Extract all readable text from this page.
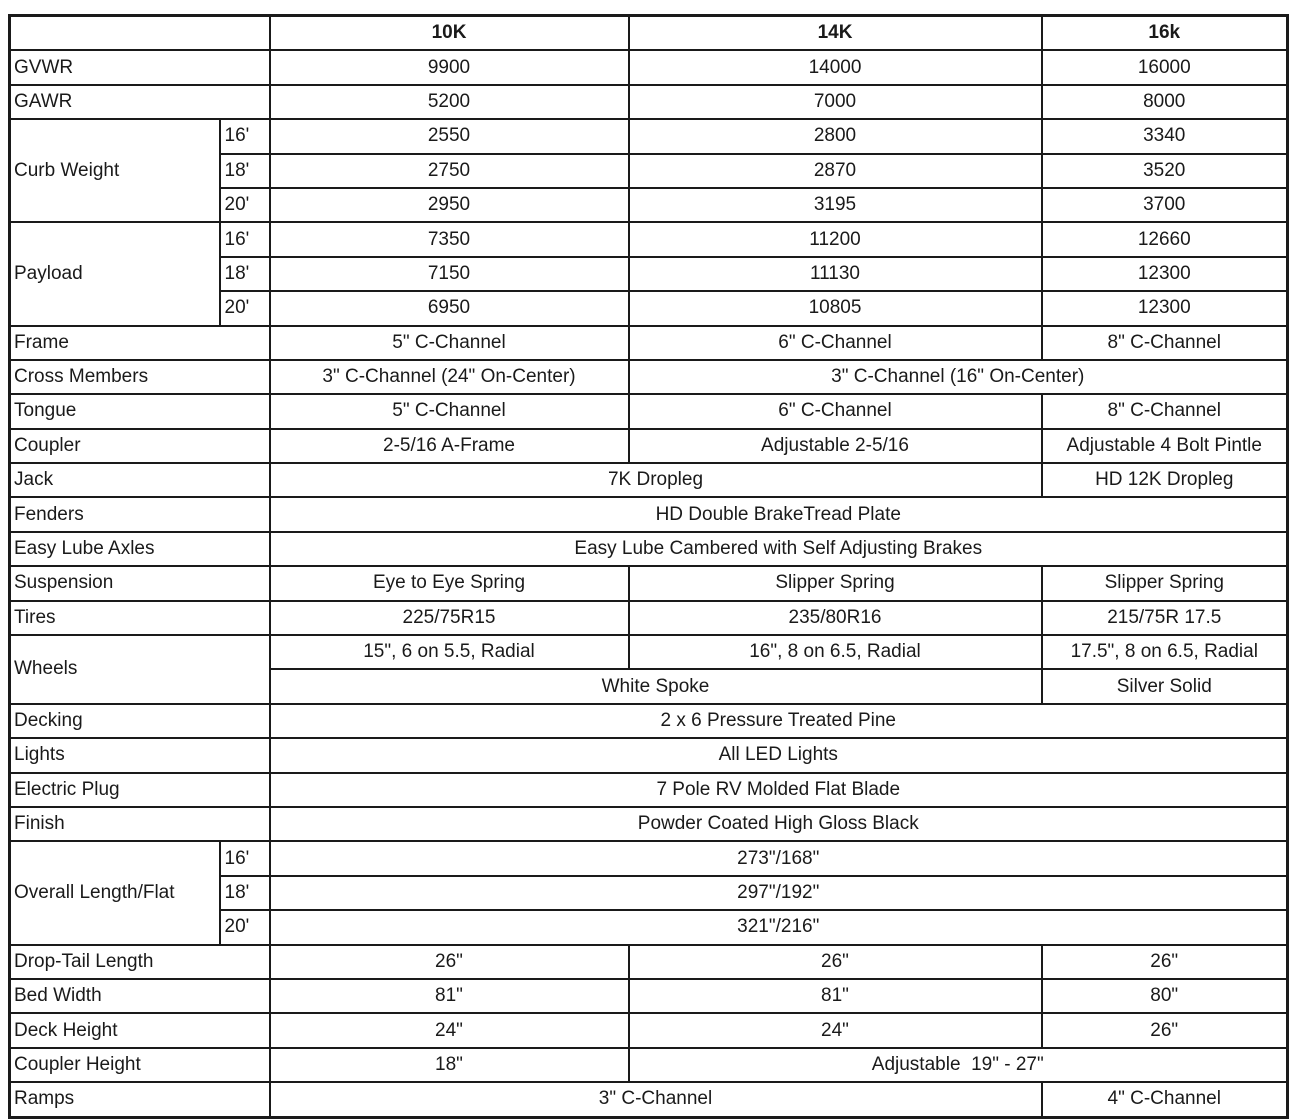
		10K	14K	16k
GVWR		9900	14000	16000
GAWR		5200	7000	8000
Curb Weight	16'	2550	2800	3340
	18'	2750	2870	3520
	20'	2950	3195	3700
Payload	16'	7350	11200	12660
	18'	7150	11130	12300
	20'	6950	10805	12300
Frame		5" C-Channel	6" C-Channel	8" C-Channel
Cross Members		3" C-Channel (24" On-Center)	3" C-Channel (16" On-Center)	
Tongue		5" C-Channel	6" C-Channel	8" C-Channel
Coupler		2-5/16 A-Frame	Adjustable 2-5/16	Adjustable 4 Bolt Pintle
Jack		7K Dropleg		HD 12K Dropleg
Fenders		HD Double BrakeTread Plate		
Easy Lube Axles		Easy Lube Cambered with Self Adjusting Brakes		
Suspension		Eye to Eye Spring	Slipper Spring	Slipper Spring
Tires		225/75R15	235/80R16	215/75R 17.5
Wheels		15", 6 on 5.5, Radial	16", 8 on 6.5, Radial	17.5", 8 on 6.5, Radial
		White Spoke		Silver Solid
Decking		2 x 6 Pressure Treated Pine		
Lights		All LED Lights		
Electric Plug		7 Pole RV Molded Flat Blade		
Finish		Powder Coated High Gloss Black		
Overall Length/Flat	16'	273"/168"		
	18'	297"/192"		
	20'	321"/216"		
Drop-Tail Length		26"	26"	26"
Bed Width		81"	81"	80"
Deck Height		24"	24"	26"
Coupler Height		18"	Adjustable  19" - 27"	
Ramps		3" C-Channel		4" C-Channel
